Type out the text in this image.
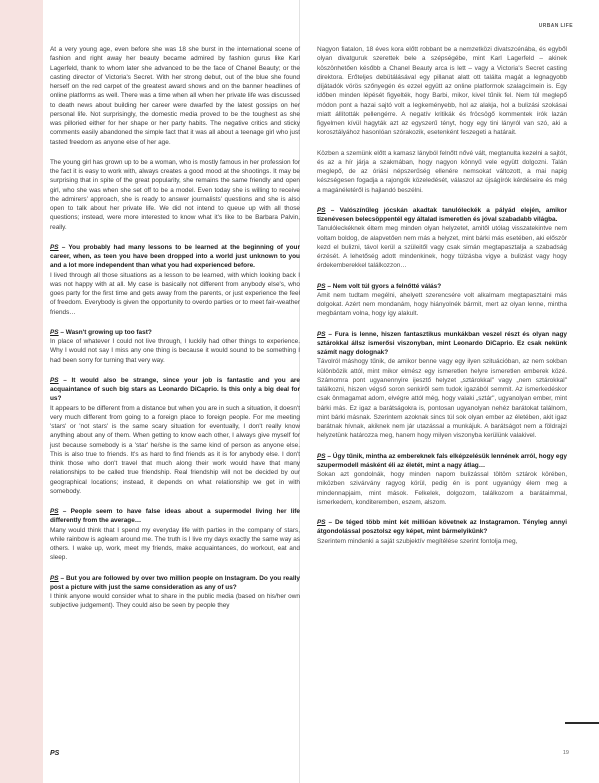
URBAN LIFE

At a very young age, even before she was 18 she burst in the international scene of fashion and right away her beauty became admired by fashion gurus like Karl Lagerfeld, thank to whom later she advanced to be the face of Chanel Beauty; or the casting director of Victoria's Secret. With her strong debut, out of the blue she found herself on the red carpet of the greatest award shows and on the banner headlines of online platforms as well. There was a time when all when her private life was discussed to death news about building her career were dwarfed by the latest gossips on her personal life. Not surprisingly, the domestic media proved to be the toughest as she was pilloried either for her shape or her party habits. The negative critics and sticky comments easily abandoned the simple fact that it was all about a teenage girl who just tasted freedom as anyone else of her age.

The young girl has grown up to be a woman, who is mostly famous in her profession for the fact it is easy to work with, always creates a good mood at the shootings. It may be surprising that in spite of the great popularity, she remains the same friendly and open girl, who she was when she set off to be a model. Even today she is willing to receive the admirers' approach, she is ready to answer journalists' questions and she is also open to talk about her private life. We did not intend to queue up with all those questions; instead, were more interested to know what it's like to be Barbara Palvin, really.

PS – You probably had many lessons to be learned at the beginning of your career, when, as teen you have been dropped into a world just unknown to you and a lot more independent than what you had experienced before.
I lived through all those situations as a lesson to be learned, with which looking back I was not happy with at all. My case is basically not different from anybody else's, who goes party for the first time and gets away from the parents, or just experience the feel of freedom. Everybody is given the opportunity to overdo parties or to meet fair-weather friends…

PS – Wasn't growing up too fast?
In place of whatever I could not live through, I luckily had other things to experience. Why I would not say I miss any one thing is because it would sound to be something I had been sorry for turning that very way.

PS – It would also be strange, since your job is fantastic and you are acquaintance of such big stars as Leonardo DiCaprio. Is this only a big deal for us?
It appears to be different from a distance but when you are in such a situation, it doesn't very much different from going to a foreign place to foreign people. For me meeting 'stars' or 'not stars' is the same scary situation for eventually, I don't really know anything about any of them. When getting to know each other, I always give myself for just because somebody is a 'star' he/she is the same kind of person as anyone else. This is also true to friends. It's as hard to find friends as it is for anybody else. I don't think those who don't travel that much along their work would have that many relationships to be called true friendship. Real friendship will not be decided by our geographical locations; instead, it depends on what relationship we get in with somebody.

PS – People seem to have false ideas about a supermodel living her life differently from the average…
Many would think that I spend my everyday life with parties in the company of stars, while rainbow is agleam around me. The truth is I live my days exactly the same way as others. I wake up, work, meet my friends, make acquaintances, do workout, eat and sleep.

PS – But you are followed by over two million people on Instagram. Do you really post a picture with just the same consideration as any of us?
I think anyone would consider what to share in the public media (based on his/her own subjective judgement). They could also be seen by people they

Nagyon fiatalon, 18 éves kora előtt robbant be a nemzetközi divatszcénába, és egyből olyan divatguruk szerettek bele a szépségébe, mint Karl Lagerfeld – akinek köszönhetően később a Chanel Beauty arca is lett – vagy a Victoria's Secret casting direktora. Erőteljes debütálásával egy pillanat alatt ott találta magát a legnagyobb díjátadók vörös szőnyegén és ezzel együtt az online platformok szalagcímein is. Egy időben minden lépését figyelték, hogy Barbi, mikor, kivel tűnik fel. Nem túl meglepő módon pont a hazai sajtó volt a legkeményebb, hol az alakja, hol a bulizási szokásai miatt állították pellengérre. A negatív kritikák és fröcsögő kommentek írók lazán figyelmen kívül hagyták azt az egyszerű tényt, hogy egy tini lányról van szó, aki a korosztályához hasonlóan szórakozik, esetenként feszegeti a határait.

Közben a szemünk előtt a kamasz lányból felnőtt nővé vált, megtanulta kezelni a sajtót, és az a hír járja a szakmában, hogy nagyon könnyű vele együtt dolgozni. Talán meglepő, de az óriási népszerűség ellenére nemsokat változott, a mai napig készségesen fogadja a rajongók közeledését, válaszol az újságírók kérdéseire és még a magánéletéről is hajlandó beszélni.

PS – Valószínűleg jócskán akadtak tanulóleckék a pályád elején, amikor tizenévesen belecsöppentél egy általad ismeretlen és jóval szabadabb világba.
Tanulóleckéknek éltem meg minden olyan helyzetet, amitől utólag visszatekintve nem voltam boldog, de alapvetően nem más a helyzet, mint bárki más esetében, aki először kezd el bulizni, távol kerül a szüleitől vagy csak simán megtapasztalja a szabadság érzését. A lehetőség adott mindenkinek, hogy túlzásba vigye a bulizást vagy hogy érdekemberekkel találkozzon…

PS – Nem volt túl gyors a felnőtté válás?
Amit nem tudtam megélni, ahelyett szerencsére volt alkalmam megtapasztalni más dolgokat. Azért nem mondanám, hogy hiányolnék bármit, mert az olyan lenne, mintha megbántam volna, hogy így alakult.

PS – Fura is lenne, hiszen fantasztikus munkákban veszel részt és olyan nagy sztárokkal állsz ismerősi viszonyban, mint Leonardo DiCaprio. Ez csak nekünk számít nagy dolognak?
Távolról máshogy tűnik, de amikor benne vagy egy ilyen szituációban, az nem sokban különbözik attól, mint mikor elmész egy ismeretlen helyre ismeretlen emberek közé. Számomra pont ugyanennyire ijesztő helyzet „sztárokkal" vagy „nem sztárokkal" találkozni, hiszen végső soron senkiről sem tudok igazából semmit. Az ismerkedéskor csak önmagamat adom, elvégre attól még, hogy valaki „sztár", ugyanolyan ember, mint bárki más. Ez igaz a barátságokra is, pontosan ugyanolyan nehéz barátokat találnom, mint bárki másnak. Szerintem azoknak sincs túl sok olyan ember az életében, akit igaz barátnak hívnak, akiknek nem jár utazással a munkájuk. A barátságot nem a földrajzi helyzetünk határozza meg, hanem hogy milyen viszonyba kerülünk valakivel.

PS – Úgy tűnik, mintha az embereknek fals elképzelésük lennének arról, hogy egy szupermodell másként éli az életét, mint a nagy átlag…
Sokan azt gondolnák, hogy minden napom bulizással töltöm sztárok körében, miközben szivárvány ragyog körül, pedig én is pont ugyanúgy élem meg a mindennapjaim, mint mások. Felkelek, dolgozom, találkozom a barátaimmal, ismerkedem, konditeremben, eszem, alszom.

PS – De téged több mint két millióan követnek az Instagramon. Tényleg annyi átgondolással posztolsz egy képet, mint bármelyikünk?
Szerintem mindenki a saját szubjektív megítélése szerint fontolja meg,

PS	19
